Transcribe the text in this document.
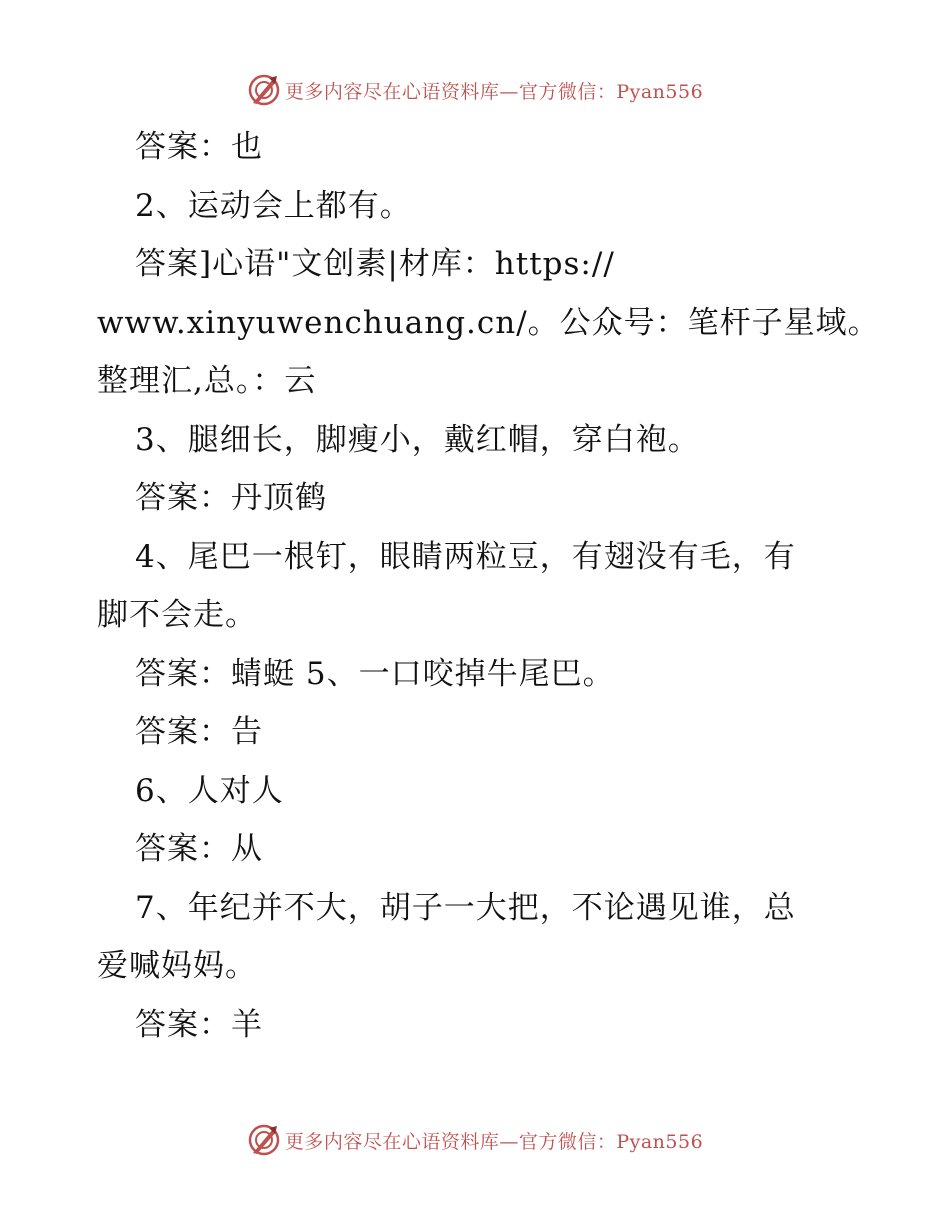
更多内容尽在心语资料库—官方微信：Pyan556
答案：也
2、运动会上都有。
答案]心语"文创素|材库：https://
www.xinyuwenchuang.cn/。公众号：笔杆子星域。
整理汇,总。：云
3、腿细长，脚瘦小，戴红帽，穿白袍。
答案：丹顶鹤
4、尾巴一根钉，眼睛两粒豆，有翅没有毛，有
脚不会走。
答案：蜻蜓 5、一口咬掉牛尾巴。
答案：告
6、人对人
答案：从
7、年纪并不大，胡子一大把，不论遇见谁，总
爱喊妈妈。
答案：羊
更多内容尽在心语资料库—官方微信：Pyan556
